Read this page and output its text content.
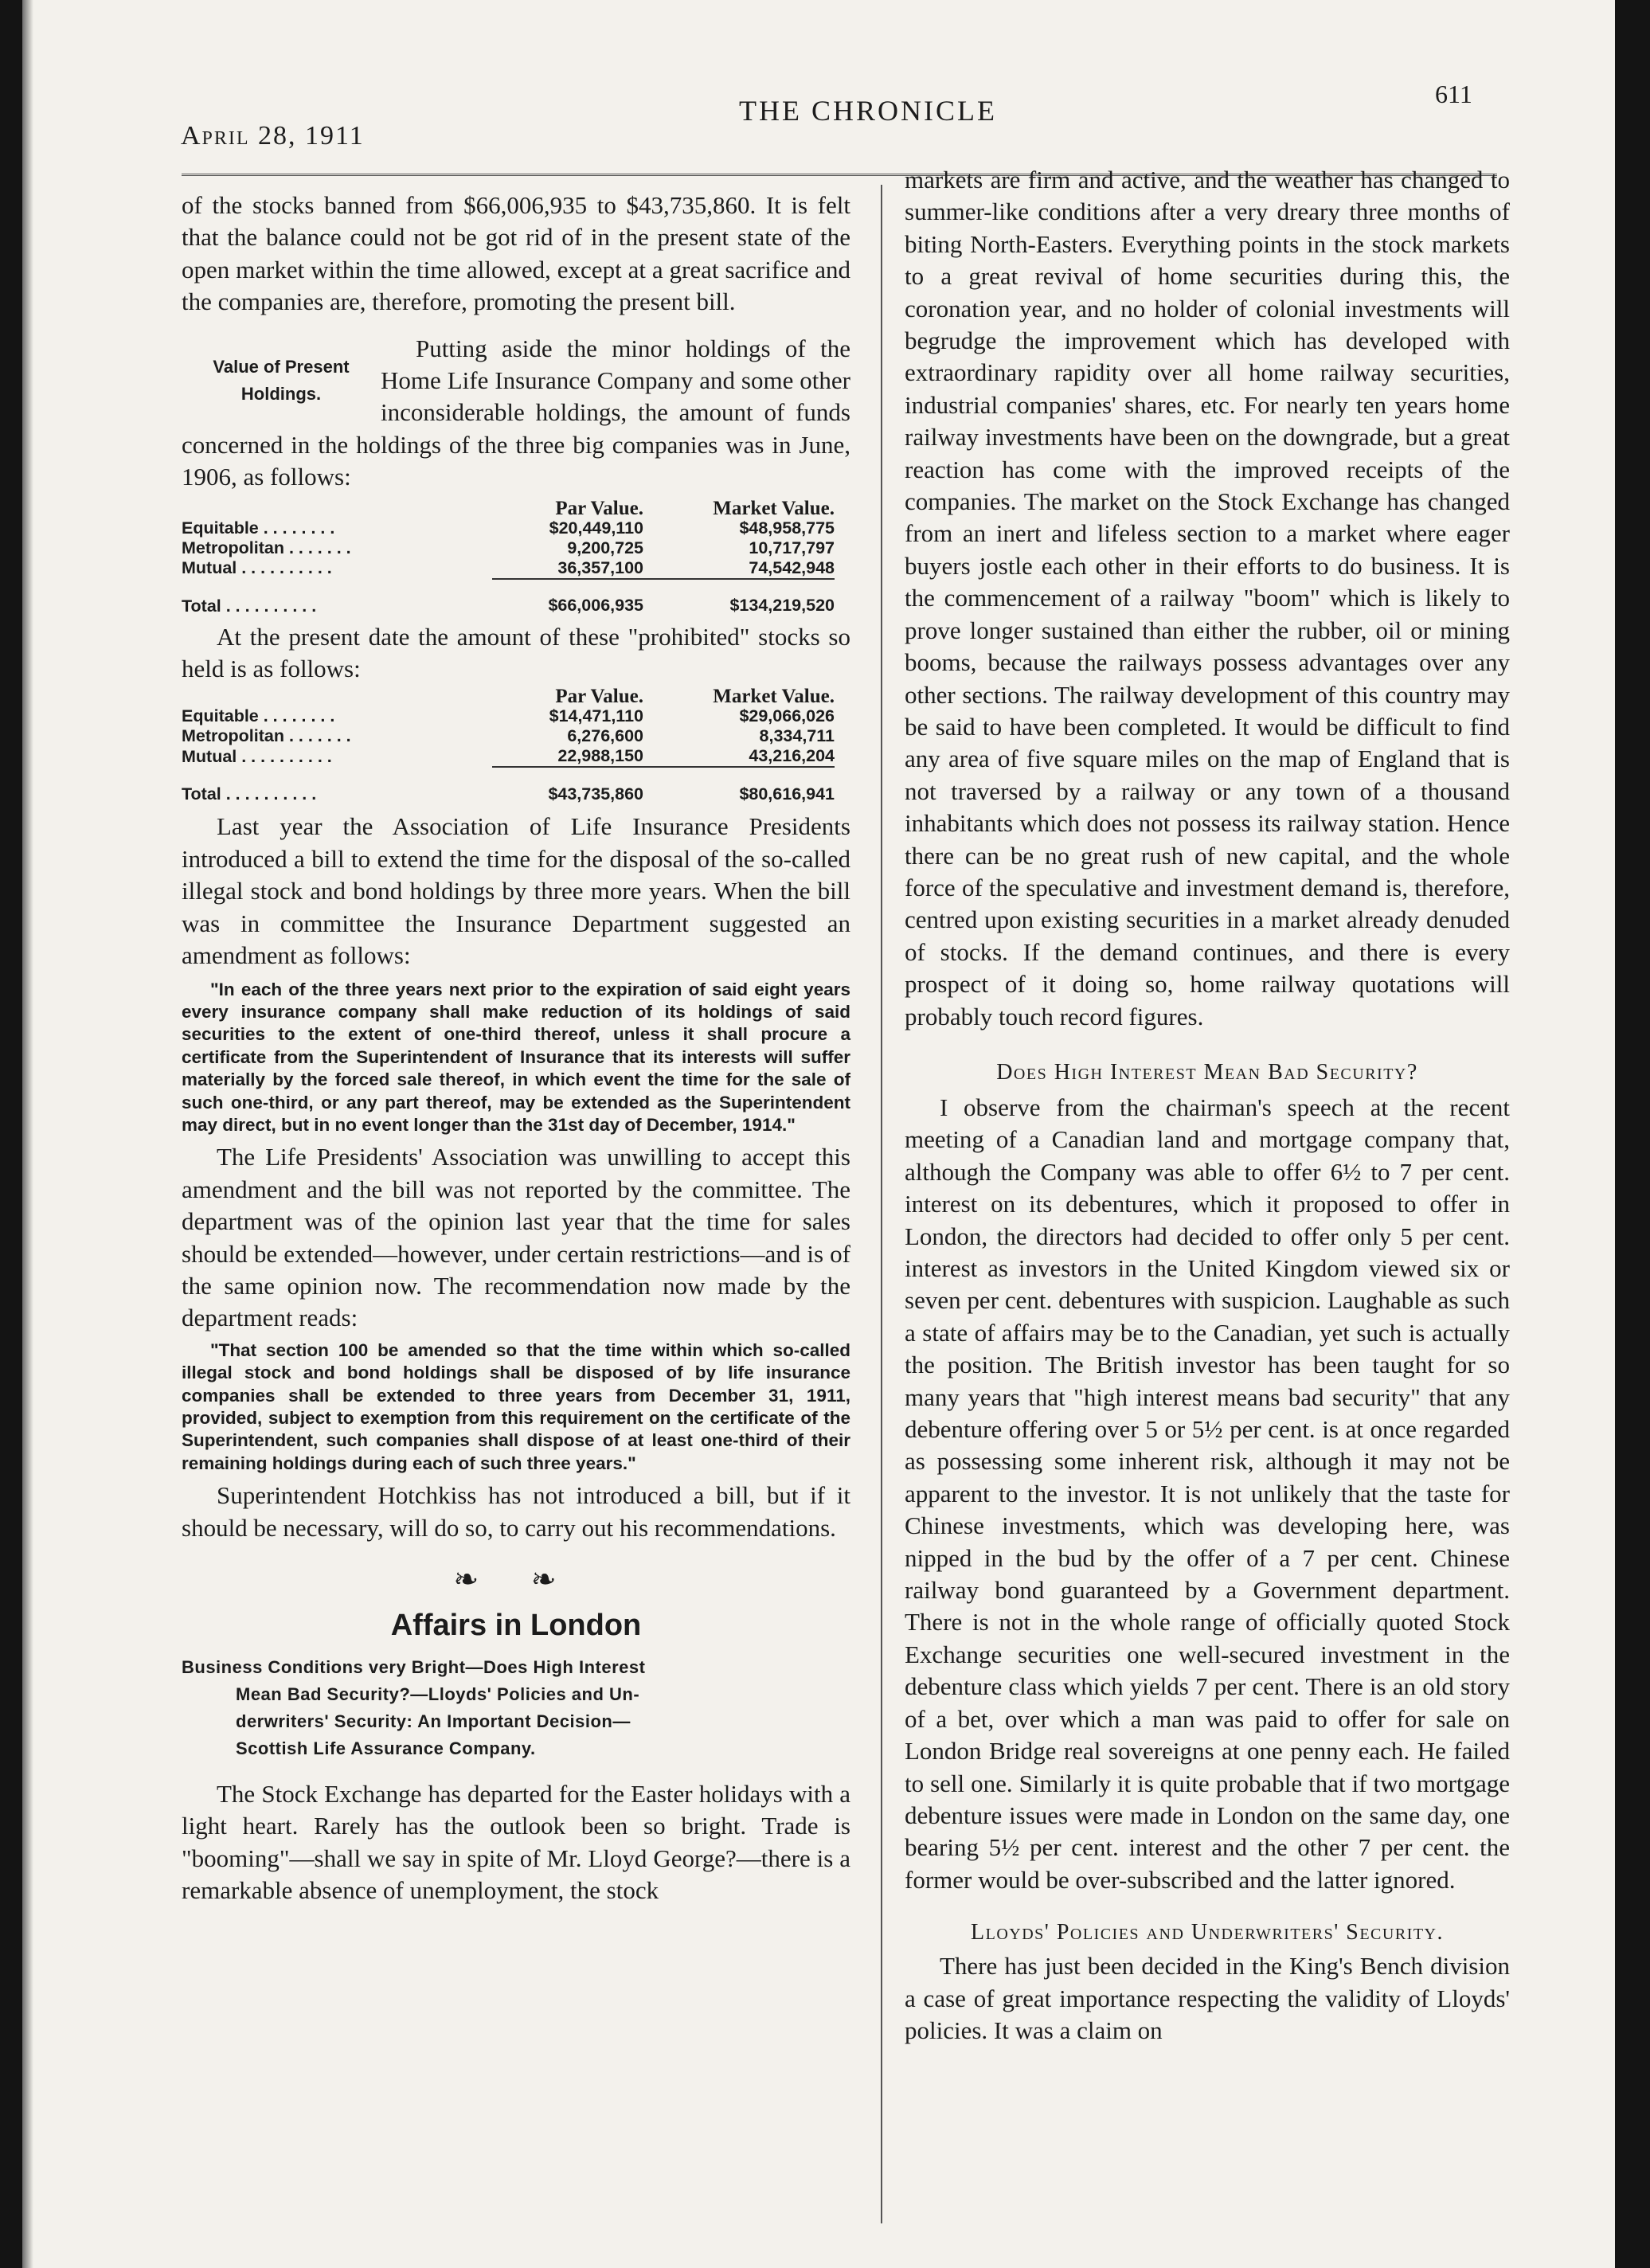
April 28, 1911
THE CHRONICLE
611

of the stocks banned from $66,006,935 to $43,735,860. It is felt that the balance could not be got rid of in the present state of the open market within the time allowed, except at a great sacrifice and the companies are, therefore, promoting the present bill.

Value of Present
Holdings.

Putting aside the minor holdings of the Home Life Insurance Company and some other inconsiderable holdings, the amount of funds concerned in the holdings of the three big companies was in June, 1906, as follows:

	Par Value.	Market Value.
Equitable . . . . . . . .	$20,449,110	$48,958,775
Metropolitan . . . . . . .	9,200,725	10,717,797
Mutual . . . . . . . . . .	36,357,100	74,542,948
Total . . . . . . . . . .	$66,006,935	$134,219,520

At the present date the amount of these "prohibited" stocks so held is as follows:

	Par Value.	Market Value.
Equitable . . . . . . . .	$14,471,110	$29,066,026
Metropolitan . . . . . . .	6,276,600	8,334,711
Mutual . . . . . . . . . .	22,988,150	43,216,204
Total . . . . . . . . . .	$43,735,860	$80,616,941

Last year the Association of Life Insurance Presidents introduced a bill to extend the time for the disposal of the so-called illegal stock and bond holdings by three more years. When the bill was in committee the Insurance Department suggested an amendment as follows:

"In each of the three years next prior to the expiration of said eight years every insurance company shall make reduction of its holdings of said securities to the extent of one-third thereof, unless it shall procure a certificate from the Superintendent of Insurance that its interests will suffer materially by the forced sale thereof, in which event the time for the sale of such one-third, or any part thereof, may be extended as the Superintendent may direct, but in no event longer than the 31st day of December, 1914."

The Life Presidents' Association was unwilling to accept this amendment and the bill was not reported by the committee. The department was of the opinion last year that the time for sales should be extended—however, under certain restrictions—and is of the same opinion now. The recommendation now made by the department reads:

"That section 100 be amended so that the time within which so-called illegal stock and bond holdings shall be disposed of by life insurance companies shall be extended to three years from December 31, 1911, provided, subject to exemption from this requirement on the certificate of the Superintendent, such companies shall dispose of at least one-third of their remaining holdings during each of such three years."

Superintendent Hotchkiss has not introduced a bill, but if it should be necessary, will do so, to carry out his recommendations.

❧ ❧
Affairs in London
Business Conditions very Bright—Does High Interest
Mean Bad Security?—Lloyds' Policies and Un-
derwriters' Security: An Important Decision—
Scottish Life Assurance Company.

The Stock Exchange has departed for the Easter holidays with a light heart. Rarely has the outlook been so bright. Trade is "booming"—shall we say in spite of Mr. Lloyd George?—there is a remarkable absence of unemployment, the stock

markets are firm and active, and the weather has changed to summer-like conditions after a very dreary three months of biting North-Easters. Everything points in the stock markets to a great revival of home securities during this, the coronation year, and no holder of colonial investments will begrudge the improvement which has developed with extraordinary rapidity over all home railway securities, industrial companies' shares, etc. For nearly ten years home railway investments have been on the downgrade, but a great reaction has come with the improved receipts of the companies. The market on the Stock Exchange has changed from an inert and lifeless section to a market where eager buyers jostle each other in their efforts to do business. It is the commencement of a railway "boom" which is likely to prove longer sustained than either the rubber, oil or mining booms, because the railways possess advantages over any other sections. The railway development of this country may be said to have been completed. It would be difficult to find any area of five square miles on the map of England that is not traversed by a railway or any town of a thousand inhabitants which does not possess its railway station. Hence there can be no great rush of new capital, and the whole force of the speculative and investment demand is, therefore, centred upon existing securities in a market already denuded of stocks. If the demand continues, and there is every prospect of it doing so, home railway quotations will probably touch record figures.

Does High Interest Mean Bad Security?

I observe from the chairman's speech at the recent meeting of a Canadian land and mortgage company that, although the Company was able to offer 6½ to 7 per cent. interest on its debentures, which it proposed to offer in London, the directors had decided to offer only 5 per cent. interest as investors in the United Kingdom viewed six or seven per cent. debentures with suspicion. Laughable as such a state of affairs may be to the Canadian, yet such is actually the position. The British investor has been taught for so many years that "high interest means bad security" that any debenture offering over 5 or 5½ per cent. is at once regarded as possessing some inherent risk, although it may not be apparent to the investor. It is not unlikely that the taste for Chinese investments, which was developing here, was nipped in the bud by the offer of a 7 per cent. Chinese railway bond guaranteed by a Government department. There is not in the whole range of officially quoted Stock Exchange securities one well-secured investment in the debenture class which yields 7 per cent. There is an old story of a bet, over which a man was paid to offer for sale on London Bridge real sovereigns at one penny each. He failed to sell one. Similarly it is quite probable that if two mortgage debenture issues were made in London on the same day, one bearing 5½ per cent. interest and the other 7 per cent. the former would be over-subscribed and the latter ignored.

Lloyds' Policies and Underwriters' Security.

There has just been decided in the King's Bench division a case of great importance respecting the validity of Lloyds' policies. It was a claim on
